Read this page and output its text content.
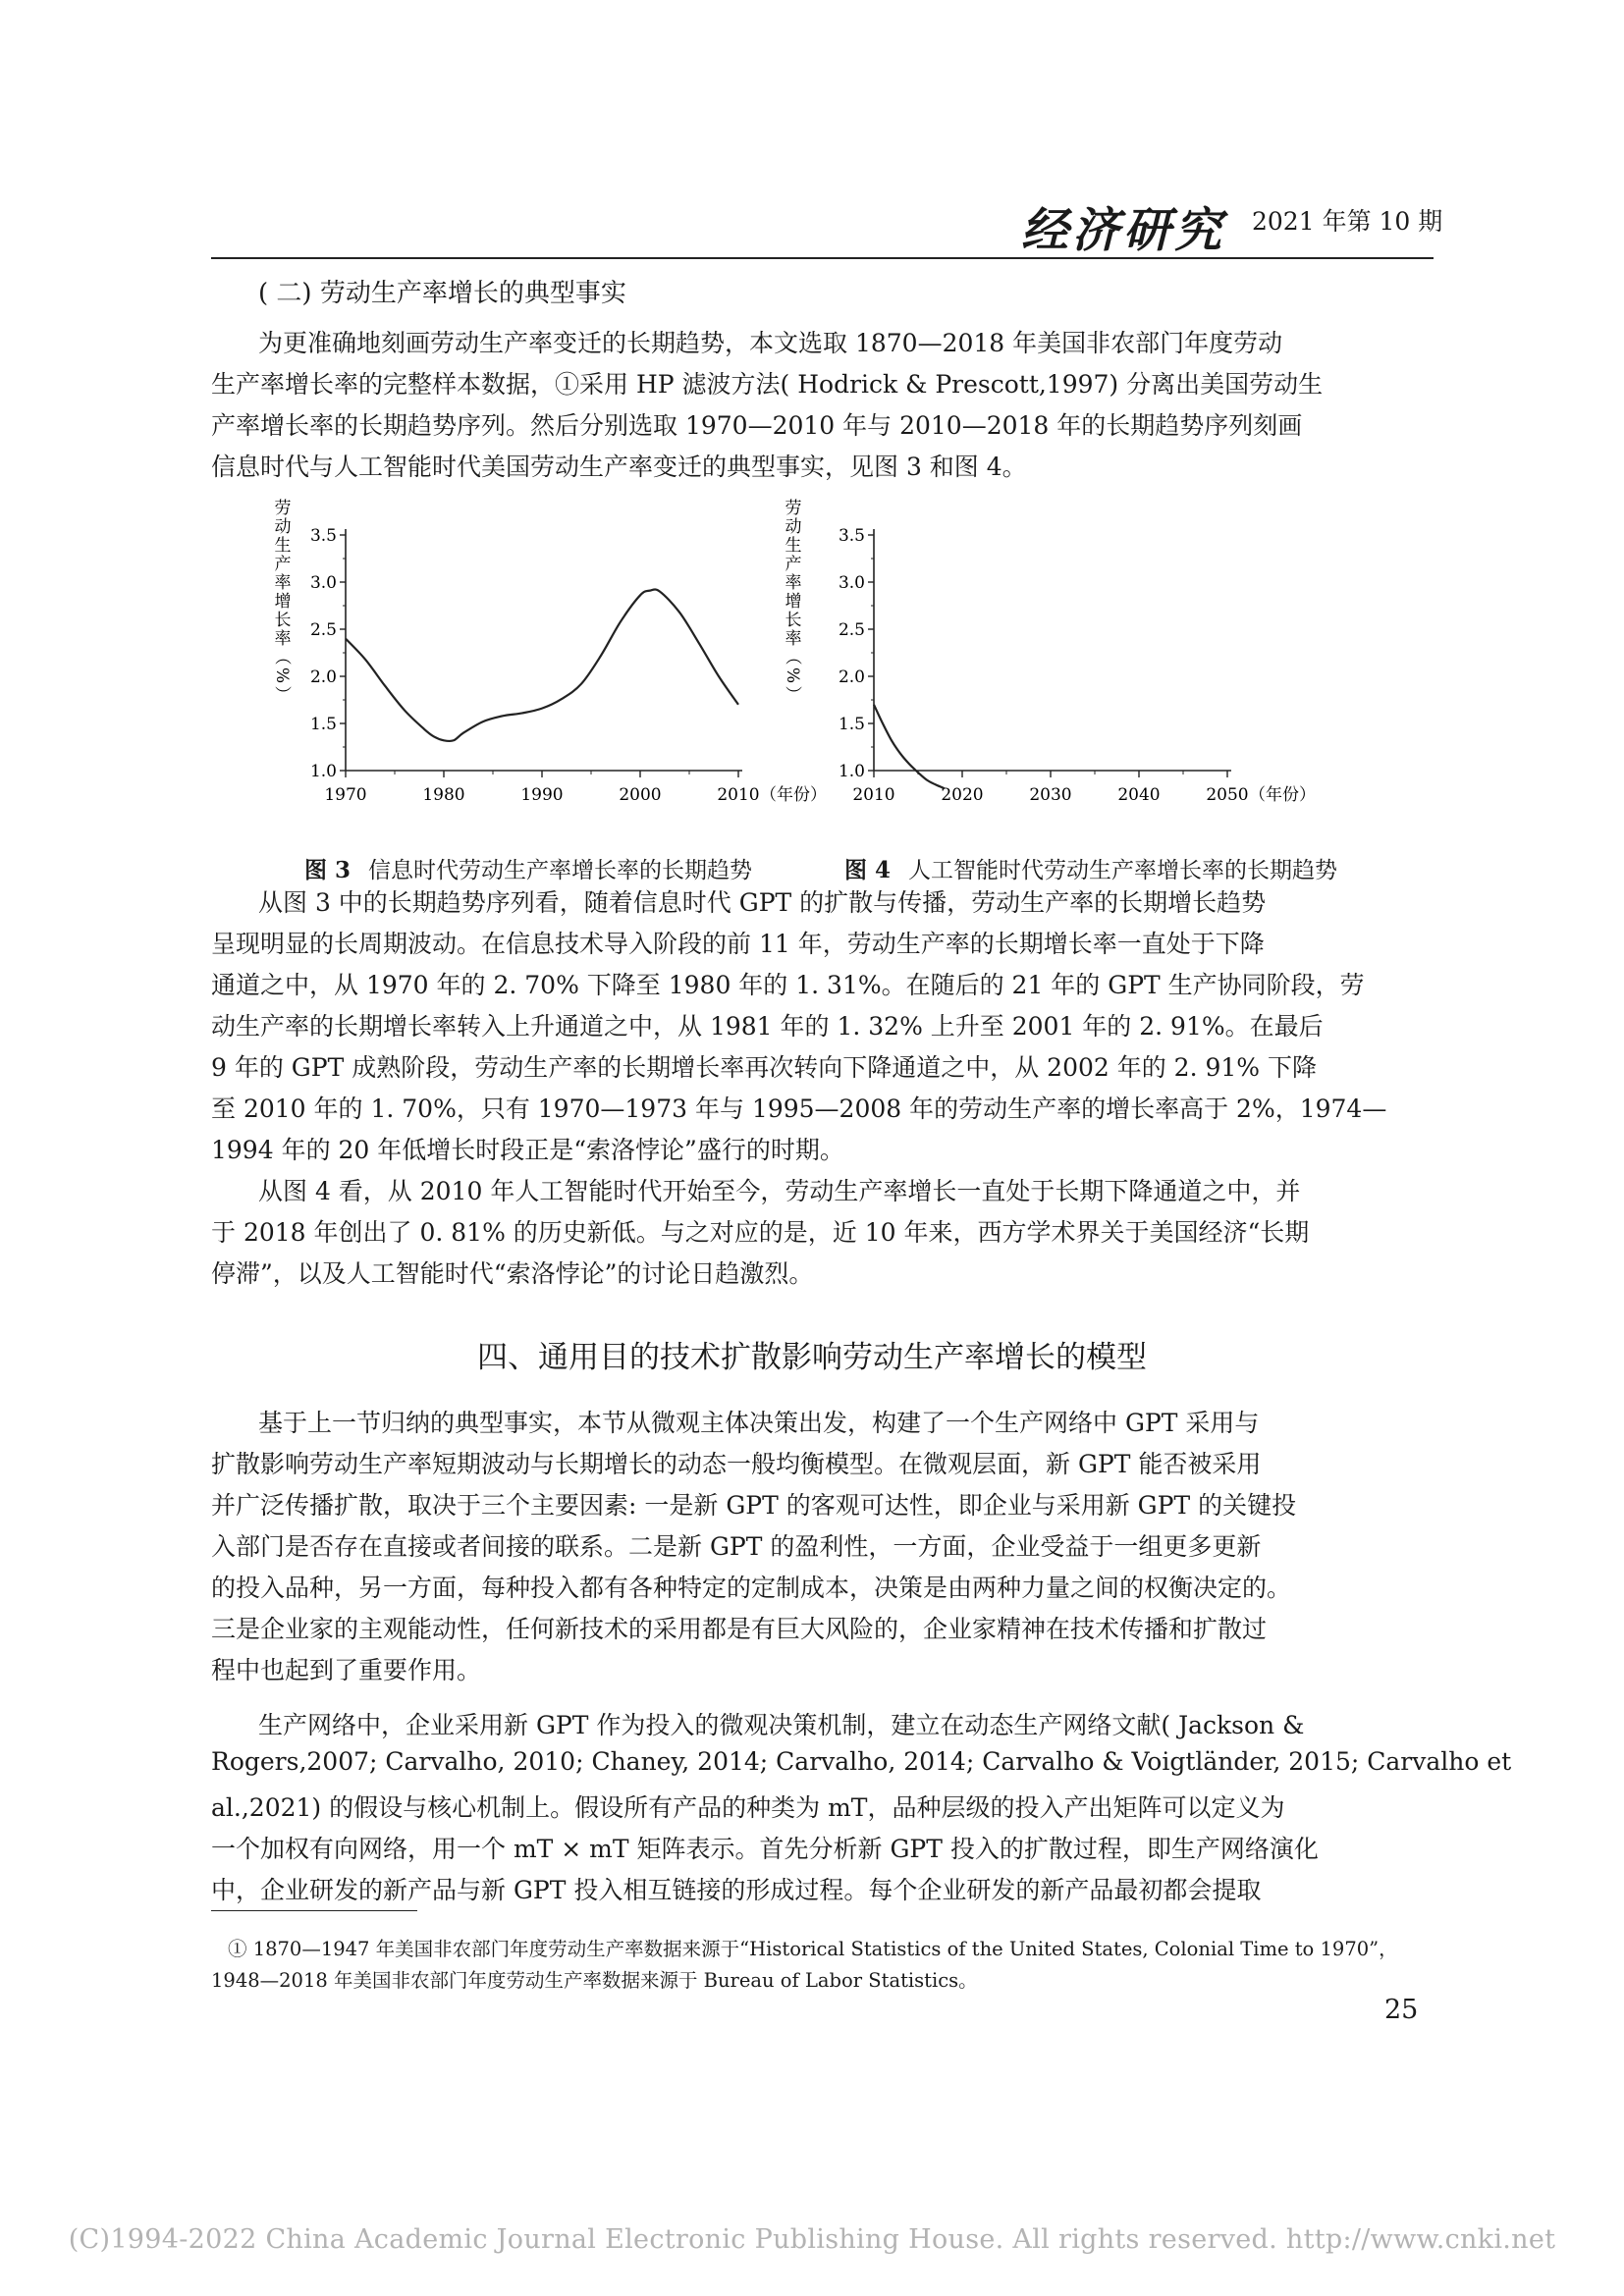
经济研究 2021 年第 10 期
( 二) 劳动生产率增长的典型事实
为更准确地刻画劳动生产率变迁的长期趋势，本文选取 1870—2018 年美国非农部门年度劳动
生产率增长率的完整样本数据，①采用 HP 滤波方法( Hodrick & Prescott,1997) 分离出美国劳动生
产率增长率的长期趋势序列。然后分别选取 1970—2010 年与 2010—2018 年的长期趋势序列刻画
信息时代与人工智能时代美国劳动生产率变迁的典型事实，见图 3 和图 4。
劳
动
生
产
率
增
长
率
（
%
）
1.0
1.5
2.0
2.5
3.0
3.5
1970	1980	1990	2000	2010 （年份）
劳
动
生
产
率
增
长
率
（
%
）
1.0
1.5
2.0
2.5
3.0
3.5
2010	2020	2030	2040	2050 （年份）
图 3 信息时代劳动生产率增长率的长期趋势	图 4 人工智能时代劳动生产率增长率的长期趋势
从图 3 中的长期趋势序列看，随着信息时代 GPT 的扩散与传播，劳动生产率的长期增长趋势
呈现明显的长周期波动。在信息技术导入阶段的前 11 年，劳动生产率的长期增长率一直处于下降
通道之中，从 1970 年的 2. 70% 下降至 1980 年的 1. 31%。在随后的 21 年的 GPT 生产协同阶段，劳
动生产率的长期增长率转入上升通道之中，从 1981 年的 1. 32% 上升至 2001 年的 2. 91%。在最后
9 年的 GPT 成熟阶段，劳动生产率的长期增长率再次转向下降通道之中，从 2002 年的 2. 91% 下降
至 2010 年的 1. 70%，只有 1970—1973 年与 1995—2008 年的劳动生产率的增长率高于 2%，1974—
1994 年的 20 年低增长时段正是“索洛悖论”盛行的时期。
从图 4 看，从 2010 年人工智能时代开始至今，劳动生产率增长一直处于长期下降通道之中，并
于 2018 年创出了 0. 81% 的历史新低。与之对应的是，近 10 年来，西方学术界关于美国经济“长期
停滞”，以及人工智能时代“索洛悖论”的讨论日趋激烈。
四、通用目的技术扩散影响劳动生产率增长的模型
基于上一节归纳的典型事实，本节从微观主体决策出发，构建了一个生产网络中 GPT 采用与
扩散影响劳动生产率短期波动与长期增长的动态一般均衡模型。在微观层面，新 GPT 能否被采用
并广泛传播扩散，取决于三个主要因素: 一是新 GPT 的客观可达性，即企业与采用新 GPT 的关键投
入部门是否存在直接或者间接的联系。二是新 GPT 的盈利性，一方面，企业受益于一组更多更新
的投入品种，另一方面，每种投入都有各种特定的定制成本，决策是由两种力量之间的权衡决定的。
三是企业家的主观能动性，任何新技术的采用都是有巨大风险的，企业家精神在技术传播和扩散过
程中也起到了重要作用。
生产网络中，企业采用新 GPT 作为投入的微观决策机制，建立在动态生产网络文献( Jackson &
Rogers,2007; Carvalho, 2010; Chaney, 2014; Carvalho, 2014; Carvalho & Voigtländer, 2015; Carvalho et
al.,2021) 的假设与核心机制上。假设所有产品的种类为 mT，品种层级的投入产出矩阵可以定义为
一个加权有向网络，用一个 mT × mT 矩阵表示。首先分析新 GPT 投入的扩散过程，即生产网络演化
中，企业研发的新产品与新 GPT 投入相互链接的形成过程。每个企业研发的新产品最初都会提取
① 1870—1947 年美国非农部门年度劳动生产率数据来源于“Historical Statistics of the United States, Colonial Time to 1970”，
1948—2018 年美国非农部门年度劳动生产率数据来源于 Bureau of Labor Statistics。
25
(C)1994-2022 China Academic Journal Electronic Publishing House. All rights reserved. http://www.cnki.net
